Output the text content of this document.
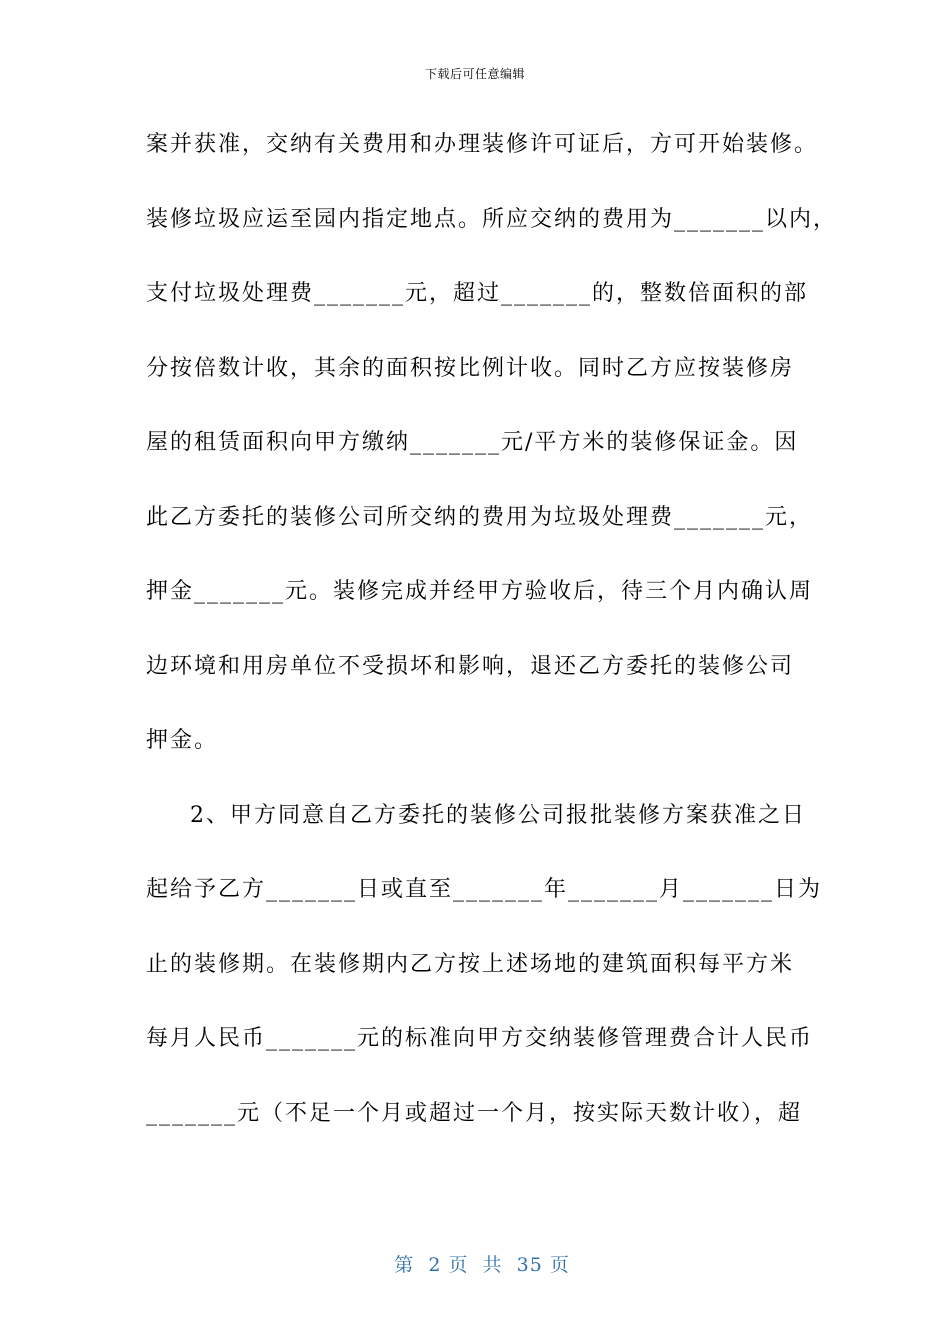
下载后可任意编辑
案并获准，交纳有关费用和办理装修许可证后，方可开始装修。
装修垃圾应运至园内指定地点。所应交纳的费用为_______以内，
支付垃圾处理费_______元，超过_______的，整数倍面积的部
分按倍数计收，其余的面积按比例计收。同时乙方应按装修房
屋的租赁面积向甲方缴纳_______元/平方米的装修保证金。因
此乙方委托的装修公司所交纳的费用为垃圾处理费_______元，
押金_______元。装修完成并经甲方验收后，待三个月内确认周
边环境和用房单位不受损坏和影响，退还乙方委托的装修公司
押金。
2、甲方同意自乙方委托的装修公司报批装修方案获准之日
起给予乙方_______日或直至_______年_______月_______日为
止的装修期。在装修期内乙方按上述场地的建筑面积每平方米
每月人民币_______元的标准向甲方交纳装修管理费合计人民币
_______元（不足一个月或超过一个月，按实际天数计收），超

第  2 页  共  35 页
